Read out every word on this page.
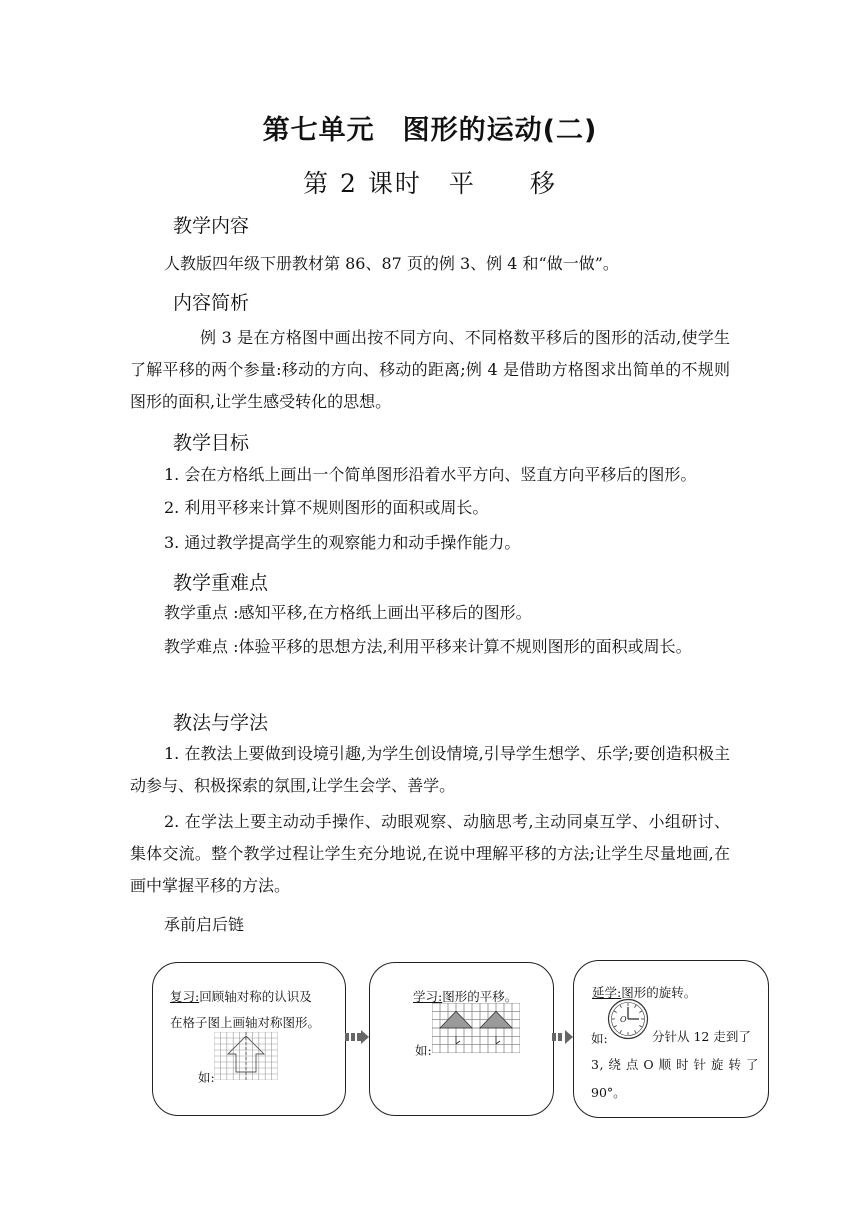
第七单元　图形的运动(二)
第 2 课时　平　　移
教学内容
人教版四年级下册教材第 86、87 页的例 3、例 4 和“做一做”。
内容简析
例 3 是在方格图中画出按不同方向、不同格数平移后的图形的活动,使学生了解平移的两个参量:移动的方向、移动的距离;例 4 是借助方格图求出简单的不规则图形的面积,让学生感受转化的思想。
教学目标
1. 会在方格纸上画出一个简单图形沿着水平方向、竖直方向平移后的图形。
2. 利用平移来计算不规则图形的面积或周长。
3. 通过教学提高学生的观察能力和动手操作能力。
教学重难点
教学重点 :感知平移,在方格纸上画出平移后的图形。
教学难点 :体验平移的思想方法,利用平移来计算不规则图形的面积或周长。
教法与学法
1. 在教法上要做到设境引趣,为学生创设情境,引导学生想学、乐学;要创造积极主动参与、积极探索的氛围,让学生会学、善学。
2. 在学法上要主动动手操作、动眼观察、动脑思考,主动同桌互学、小组研讨、集体交流。整个教学过程让学生充分地说,在说中理解平移的方法;让学生尽量地画,在画中掌握平移的方法。
承前启后链
复习:回顾轴对称的认识及
在格子图上画轴对称图形。
如:
学习:图形的平移。
如:
延学:图形的旋转。
O
如:	分针从 12 走到了
3, 绕 点 O 顺 时 针 旋 转 了
90°。
